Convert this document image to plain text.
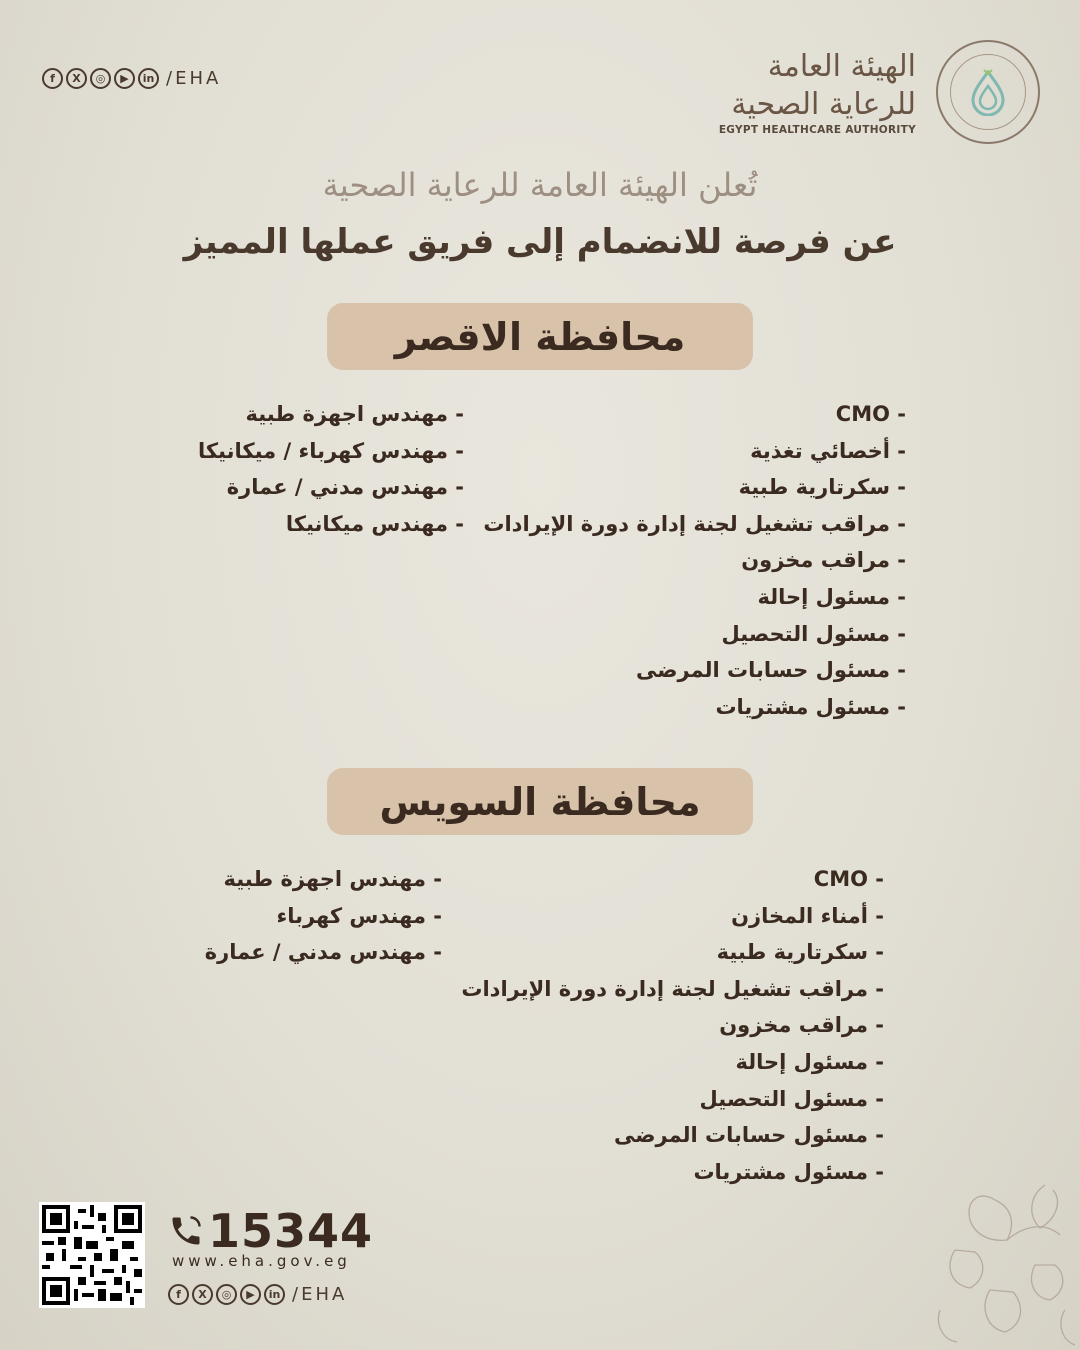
f	X	◎	▶	in /EHA	الهيئة العامة
للرعاية الصحية
EGYPT HEALTHCARE AUTHORITY
تُعلن الهيئة العامة للرعاية الصحية
عن فرصة للانضمام إلى فريق عملها المميز
محافظة الاقصر
- CMO
- أخصائي تغذية
- سكرتارية طبية
- مراقب تشغيل لجنة إدارة دورة الإيرادات
- مراقب مخزون
- مسئول إحالة
- مسئول التحصيل
- مسئول حسابات المرضى
- مسئول مشتريات
- مهندس اجهزة طبية
- مهندس كهرباء / ميكانيكا
- مهندس مدني / عمارة
- مهندس ميكانيكا
محافظة السويس
- CMO
- أمناء المخازن
- سكرتارية طبية
- مراقب تشغيل لجنة إدارة دورة الإيرادات
- مراقب مخزون
- مسئول إحالة
- مسئول التحصيل
- مسئول حسابات المرضى
- مسئول مشتريات
- مهندس اجهزة طبية
- مهندس كهرباء
- مهندس مدني / عمارة
15344
www.eha.gov.eg
f	X	◎	▶	in /EHA
